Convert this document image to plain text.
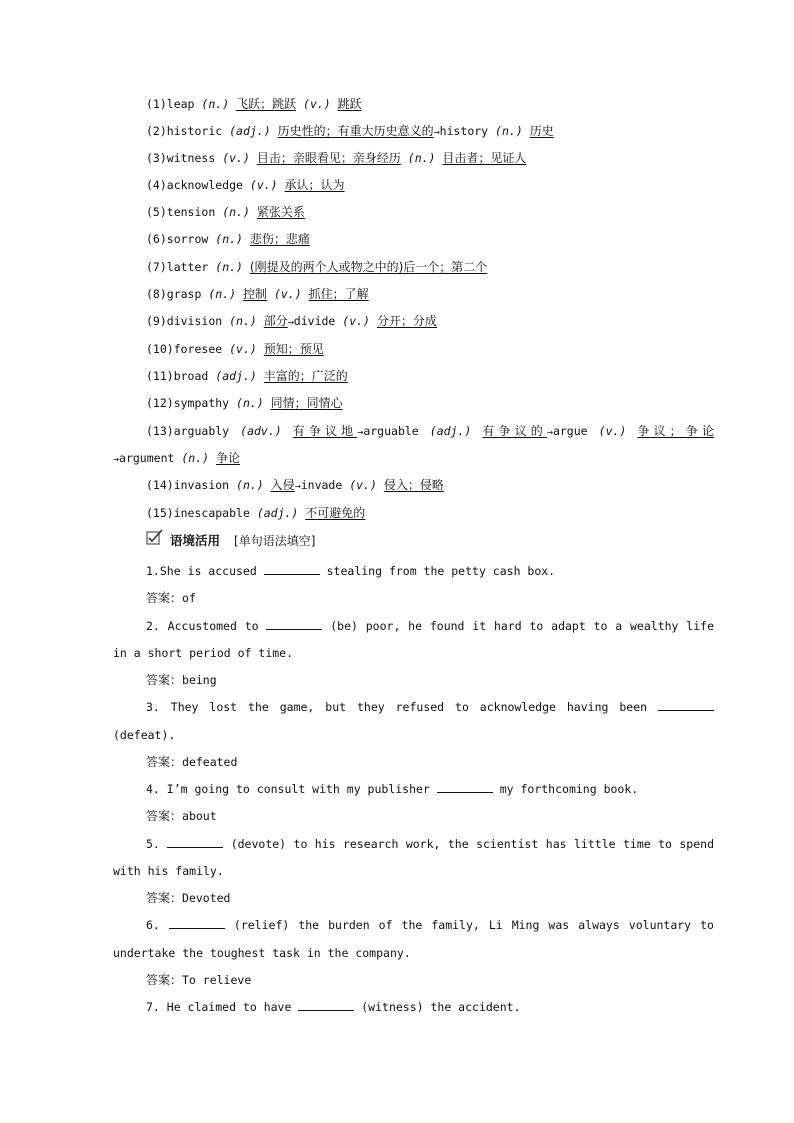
(1)leap (n.) 飞跃；跳跃 (v.) 跳跃
(2)historic (adj.) 历史性的；有重大历史意义的→history (n.) 历史
(3)witness (v.) 目击；亲眼看见；亲身经历 (n.) 目击者；见证人
(4)acknowledge (v.) 承认；认为
(5)tension (n.) 紧张关系
(6)sorrow (n.) 悲伤；悲痛
(7)latter (n.) (刚提及的两个人或物之中的)后一个；第二个
(8)grasp (n.) 控制 (v.) 抓住；了解
(9)division (n.) 部分→divide (v.) 分开；分成
(10)foresee (v.) 预知；预见
(11)broad (adj.) 丰富的；广泛的
(12)sympathy (n.) 同情；同情心
(13)arguably (adv.) 有争议地→arguable (adj.) 有争议的→argue (v.) 争议；争论
→argument (n.) 争论
(14)invasion (n.) 入侵→invade (v.) 侵入；侵略
(15)inescapable (adj.) 不可避免的
语境活用 [单句语法填空]
1.She is accused	stealing from the petty cash box.
答案：of
2. Accustomed to	(be) poor, he found it hard to adapt to a wealthy life
in a short period of time.
答案：being
3. They lost the game, but they refused to acknowledge having been
(defeat).
答案：defeated
4. I’m going to consult with my publisher	my forthcoming book.
答案：about
5.	(devote) to his research work, the scientist has little time to spend
with his family.
答案：Devoted
6.	(relief) the burden of the family, Li Ming was always voluntary to
undertake the toughest task in the company.
答案：To relieve
7. He claimed to have	(witness) the accident.
